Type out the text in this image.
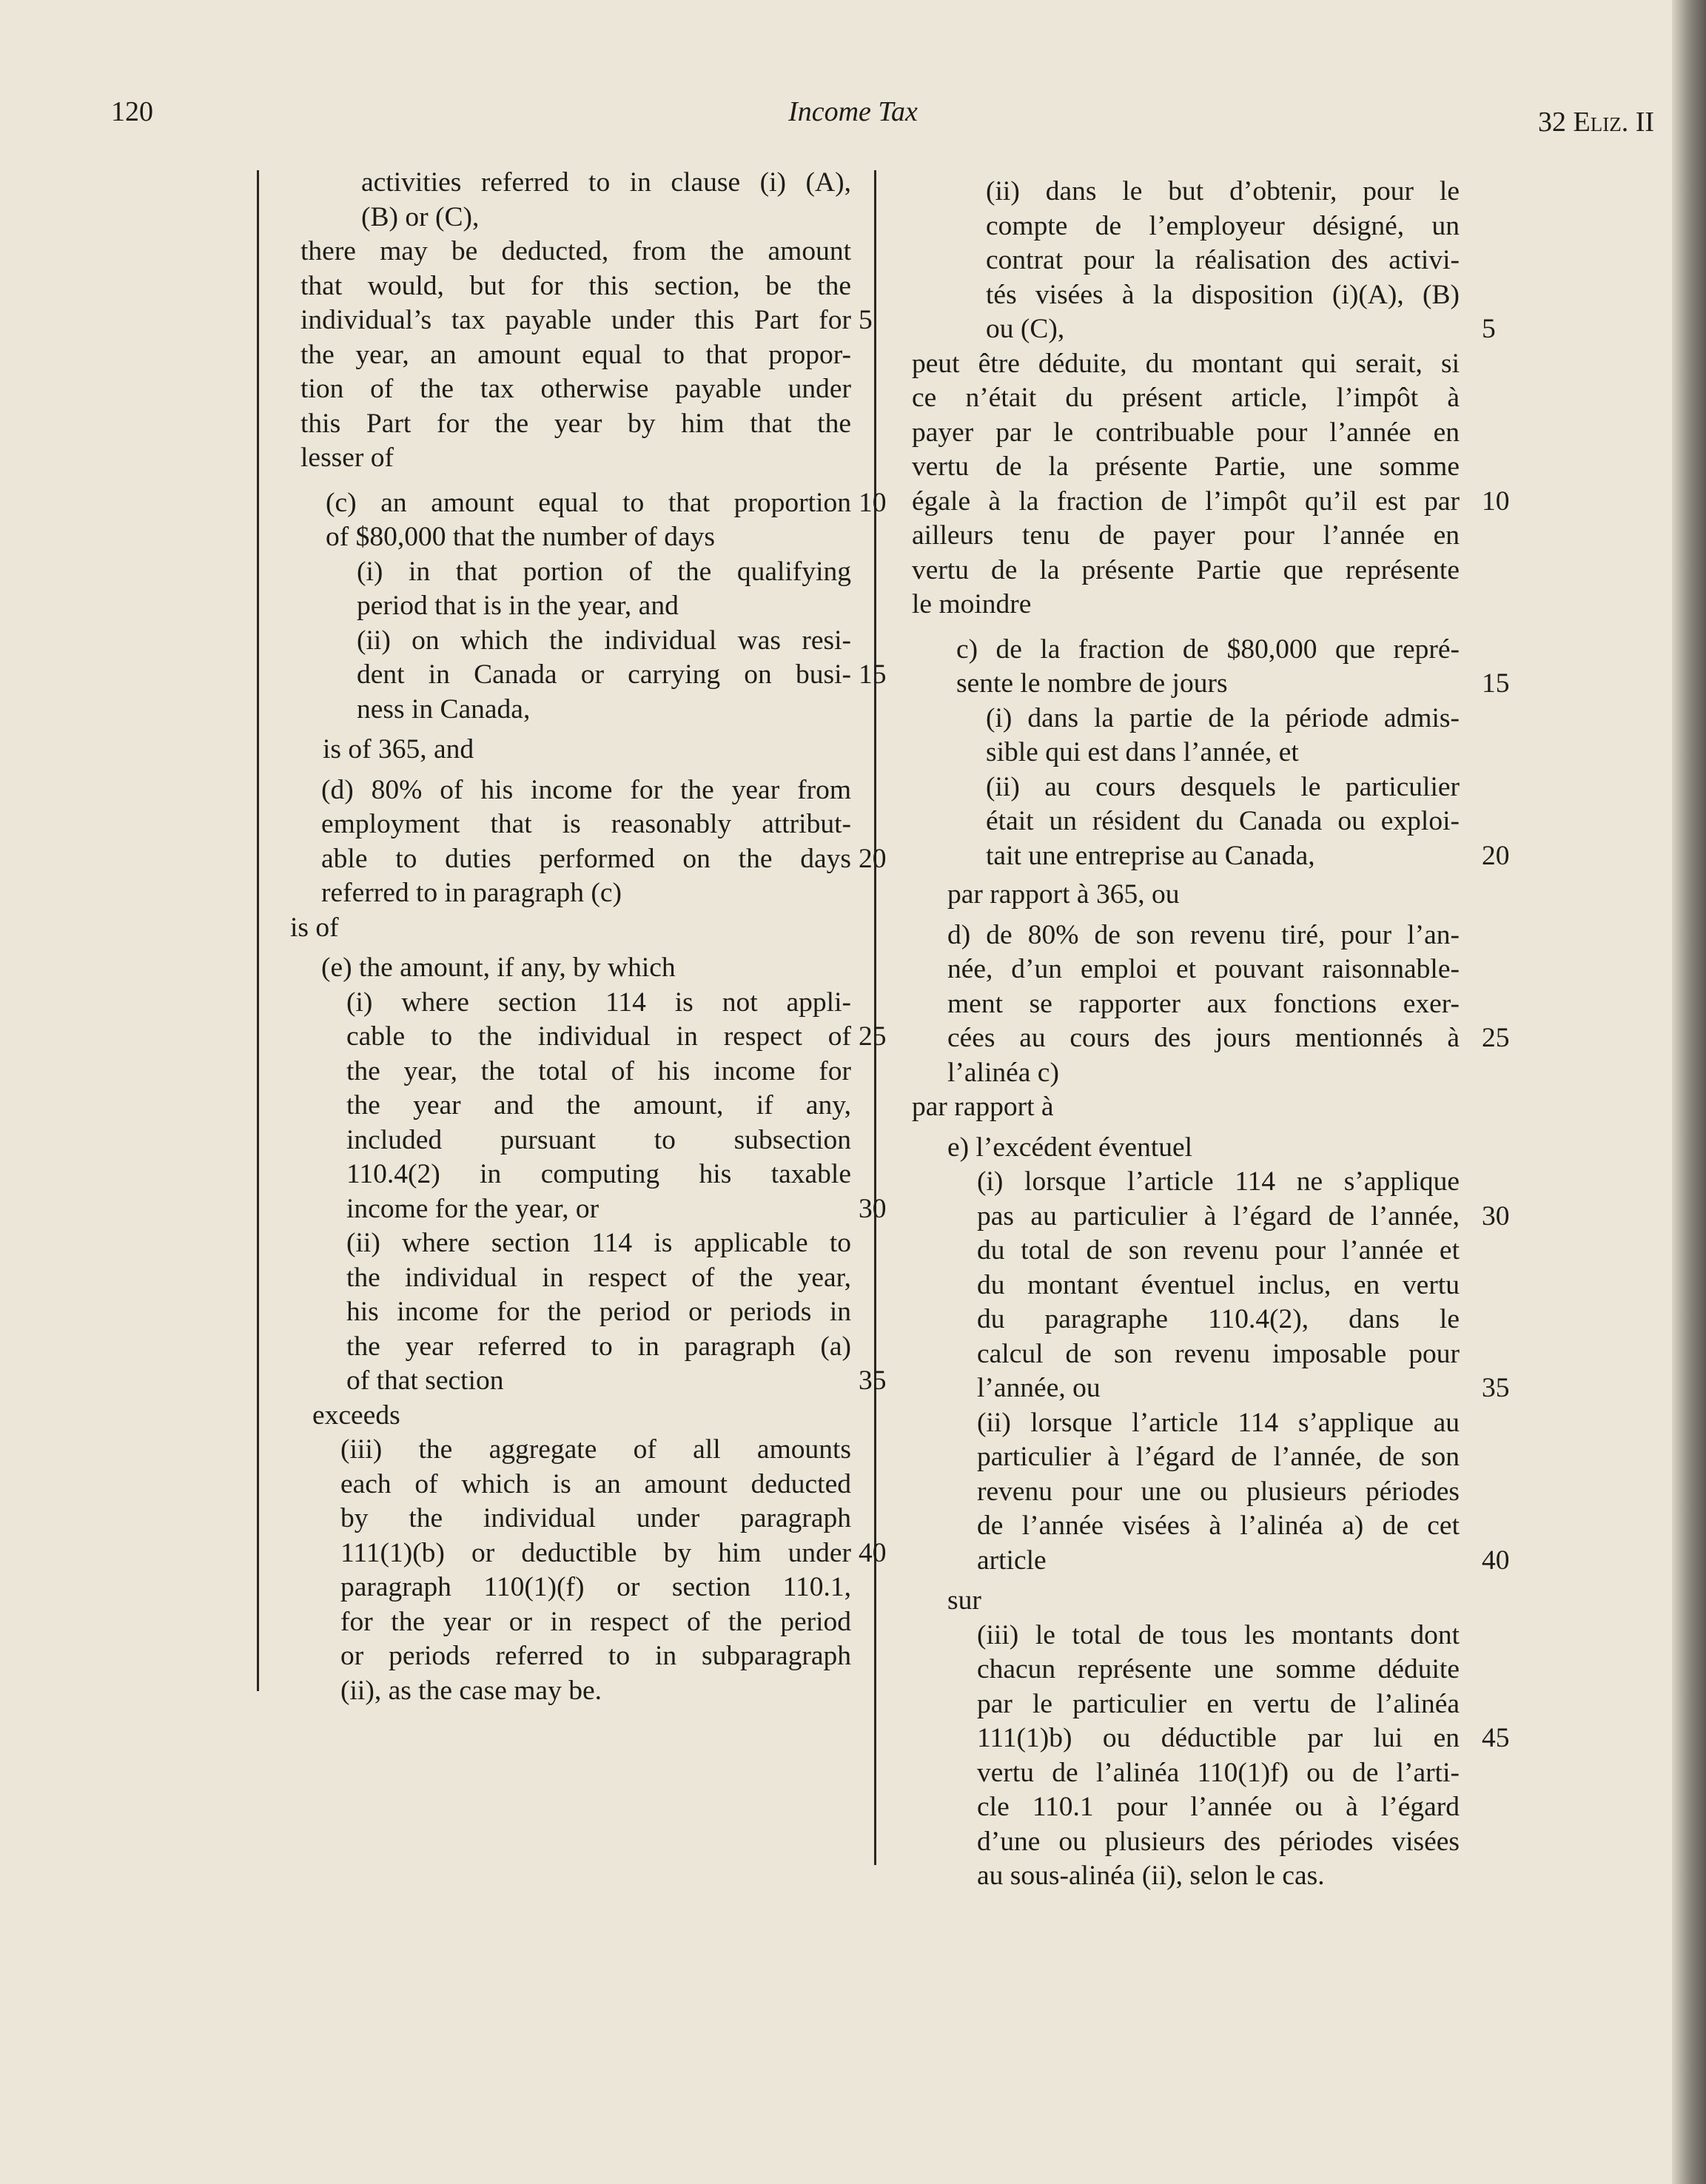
120	Income Tax	32 Eliz. II

activities referred to in clause (i) (A),
(B) or (C),

there may be deducted, from the amount
that would, but for this section, be the
individual’s tax payable under this Part for 5
the year, an amount equal to that propor-
tion of the tax otherwise payable under
this Part for the year by him that the
lesser of

(c) an amount equal to that proportion 10
of $80,000 that the number of days

(i) in that portion of the qualifying
period that is in the year, and
(ii) on which the individual was resi-
dent in Canada or carrying on busi- 15
ness in Canada,

is of 365, and

(d) 80% of his income for the year from
employment that is reasonably attribut-
able to duties performed on the days 20
referred to in paragraph (c)

is of

(e) the amount, if any, by which

(i) where section 114 is not appli-
cable to the individual in respect of 25
the year, the total of his income for
the year and the amount, if any,
included pursuant to subsection
110.4(2) in computing his taxable
income for the year, or	30
(ii) where section 114 is applicable to
the individual in respect of the year,
his income for the period or periods in
the year referred to in paragraph (a)
of that section	35

exceeds

(iii) the aggregate of all amounts
each of which is an amount deducted
by the individual under paragraph
111(1)(b) or deductible by him under 40
paragraph 110(1)(f) or section 110.1,
for the year or in respect of the period
or periods referred to in subparagraph
(ii), as the case may be.

(ii) dans le but d’obtenir, pour le
compte de l’employeur désigné, un
contrat pour la réalisation des activi-
tés visées à la disposition (i)(A), (B)
ou (C),	5

peut être déduite, du montant qui serait, si
ce n’était du présent article, l’impôt à
payer par le contribuable pour l’année en
vertu de la présente Partie, une somme
égale à la fraction de l’impôt qu’il est par 10
ailleurs tenu de payer pour l’année en
vertu de la présente Partie que représente
le moindre

c) de la fraction de $80,000 que repré-
sente le nombre de jours	15

(i) dans la partie de la période admis-
sible qui est dans l’année, et
(ii) au cours desquels le particulier
était un résident du Canada ou exploi-
tait une entreprise au Canada,	20

par rapport à 365, ou

d) de 80% de son revenu tiré, pour l’an-
née, d’un emploi et pouvant raisonnable-
ment se rapporter aux fonctions exer-
cées au cours des jours mentionnés à 25
l’alinéa c)

par rapport à

e) l’excédent éventuel

(i) lorsque l’article 114 ne s’applique
pas au particulier à l’égard de l’année, 30
du total de son revenu pour l’année et
du montant éventuel inclus, en vertu
du paragraphe 110.4(2), dans le
calcul de son revenu imposable pour
l’année, ou	35
(ii) lorsque l’article 114 s’applique au
particulier à l’égard de l’année, de son
revenu pour une ou plusieurs périodes
de l’année visées à l’alinéa a) de cet
article	40

sur

(iii) le total de tous les montants dont
chacun représente une somme déduite
par le particulier en vertu de l’alinéa
111(1)b) ou déductible par lui en 45
vertu de l’alinéa 110(1)f) ou de l’arti-
cle 110.1 pour l’année ou à l’égard
d’une ou plusieurs des périodes visées
au sous-alinéa (ii), selon le cas.
